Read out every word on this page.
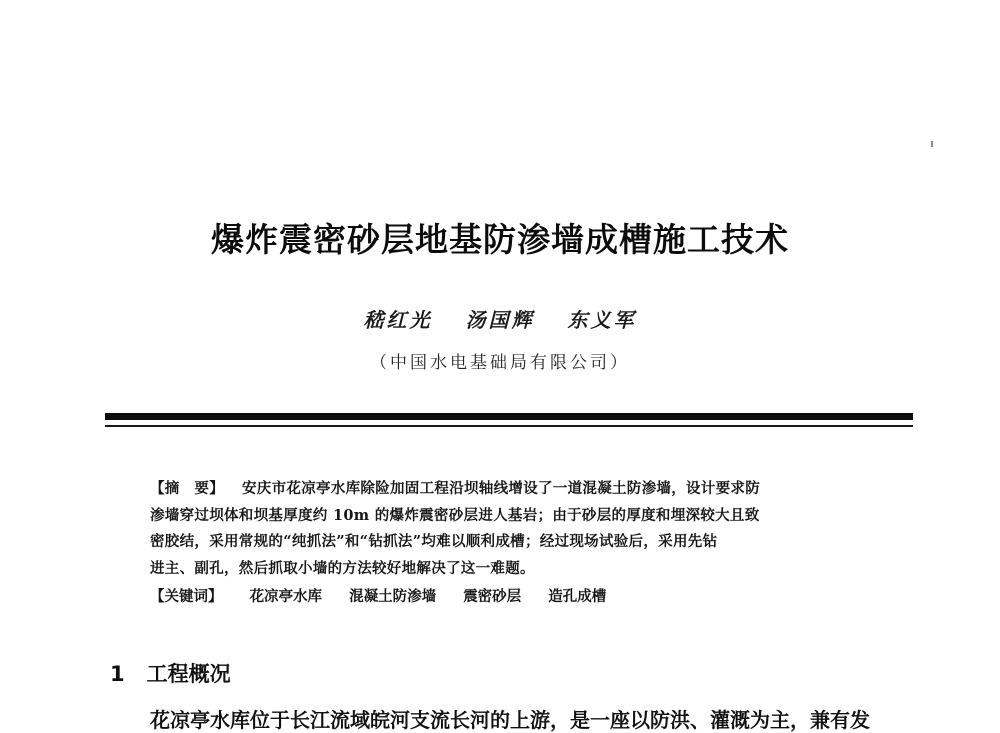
爆炸震密砂层地基防渗墙成槽施工技术
嵇红光 汤国辉 东义军
（中国水电基础局有限公司）
【摘　要】 安庆市花凉亭水库除险加固工程沿坝轴线增设了一道混凝土防渗墙，设计要求防
渗墙穿过坝体和坝基厚度约 10m 的爆炸震密砂层进人基岩；由于砂层的厚度和埋深较大且致
密胶结，采用常规的“纯抓法”和“钻抓法”均难以顺利成槽；经过现场试验后，采用先钻
进主、副孔，然后抓取小墙的方法较好地解决了这一难题。
【关键词】 花凉亭水库 混凝土防渗墙 震密砂层 造孔成槽
1 工程概况
花凉亭水库位于长江流域皖河支流长河的上游，是一座以防洪、灌溉为主，兼有发
